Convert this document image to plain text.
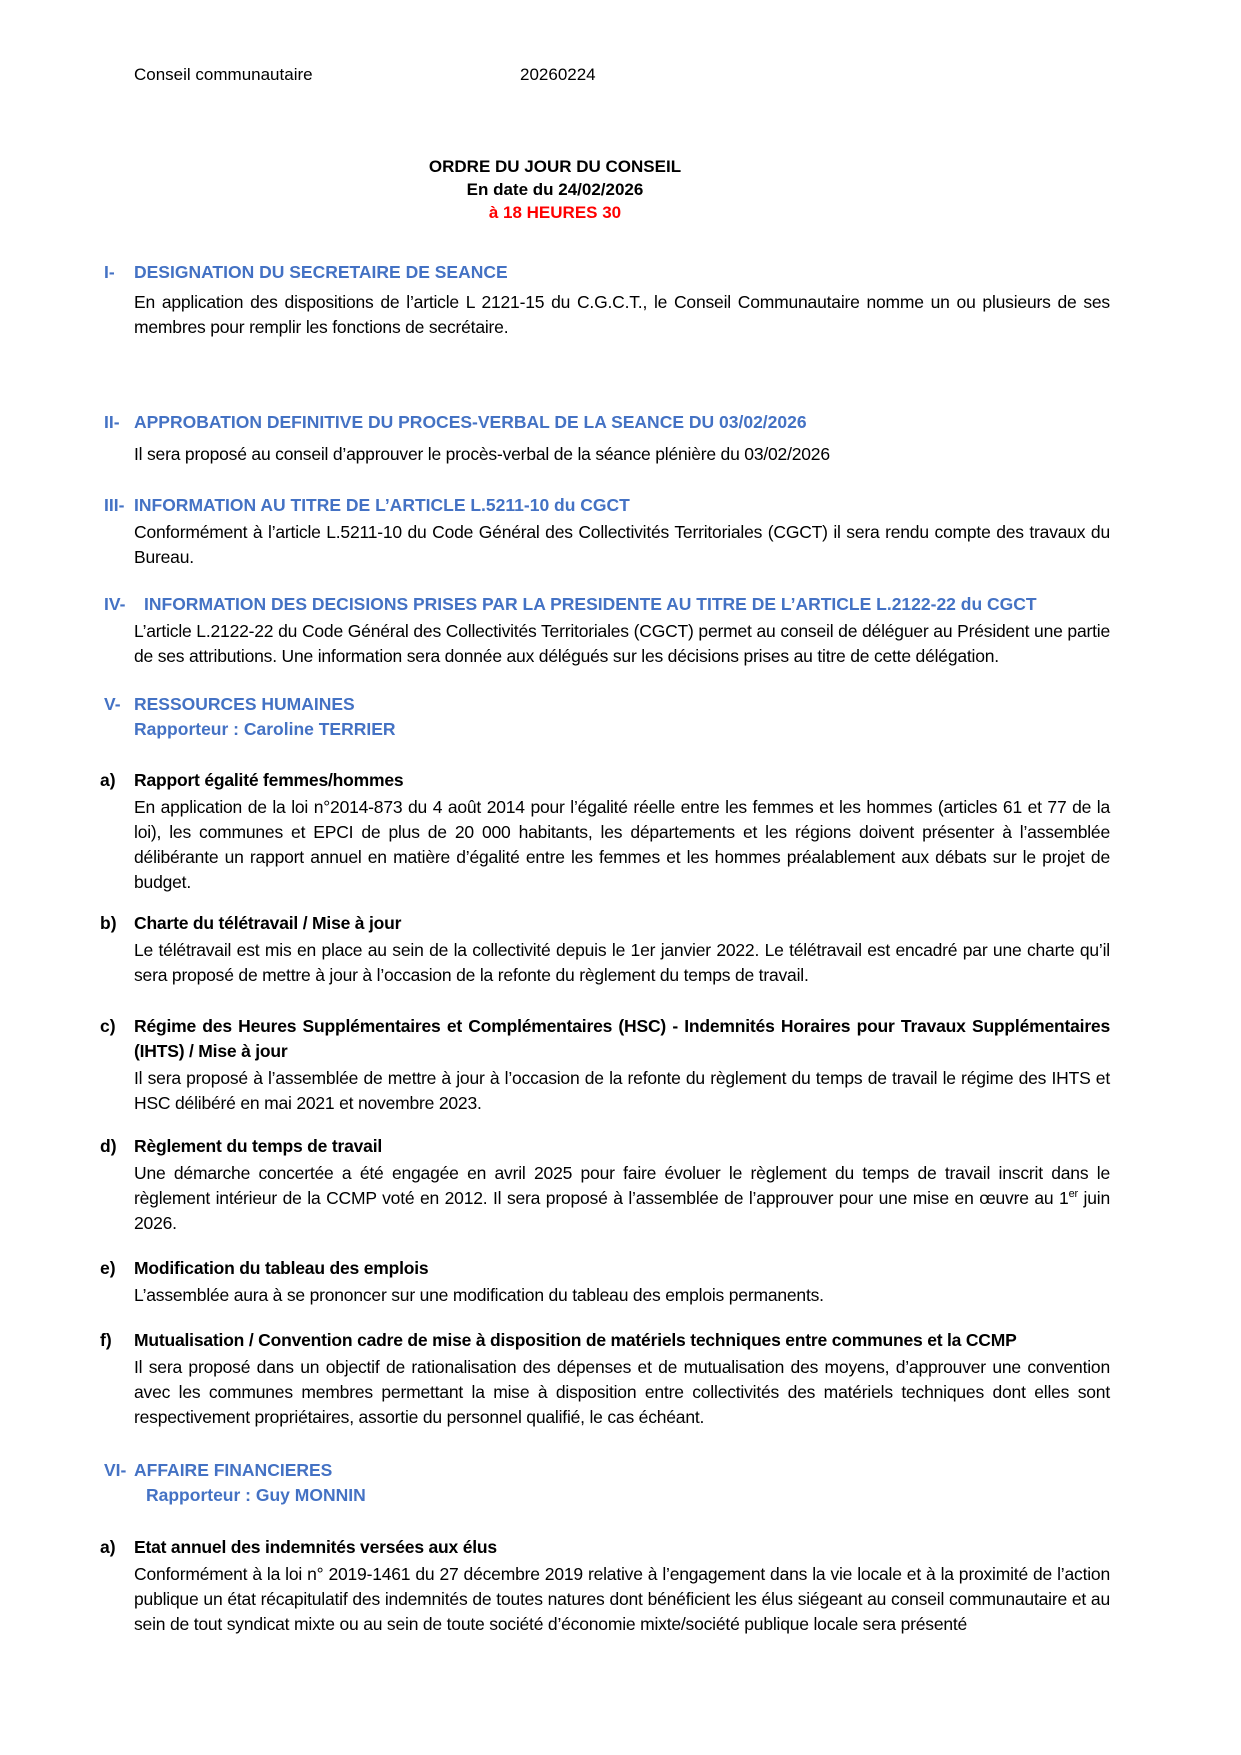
Conseil communautaire	20260224
ORDRE DU JOUR DU CONSEIL
En date du 24/02/2026
à 18 HEURES 30
I- DESIGNATION DU SECRETAIRE DE SEANCE

En application des dispositions de l’article L 2121-15 du C.G.C.T., le Conseil Communautaire nomme un ou plusieurs de ses membres pour remplir les fonctions de secrétaire.

II- APPROBATION DEFINITIVE DU PROCES-VERBAL DE LA SEANCE DU 03/02/2026

Il sera proposé au conseil d’approuver le procès-verbal de la séance plénière du 03/02/2026

III- INFORMATION AU TITRE DE L’ARTICLE L.5211-10 du CGCT

Conformément à l’article L.5211-10 du Code Général des Collectivités Territoriales (CGCT) il sera rendu compte des travaux du Bureau.

IV- INFORMATION DES DECISIONS PRISES PAR LA PRESIDENTE AU TITRE DE L’ARTICLE L.2122-22 du CGCT

L’article L.2122-22 du Code Général des Collectivités Territoriales (CGCT) permet au conseil de déléguer au Président une partie de ses attributions. Une information sera donnée aux délégués sur les décisions prises au titre de cette délégation.

V- RESSOURCES HUMAINES
Rapporteur : Caroline TERRIER
a) Rapport égalité femmes/hommes

En application de la loi n°2014-873 du 4 août 2014 pour l’égalité réelle entre les femmes et les hommes (articles 61 et 77 de la loi), les communes et EPCI de plus de 20 000 habitants, les départements et les régions doivent présenter à l’assemblée délibérante un rapport annuel en matière d’égalité entre les femmes et les hommes préalablement aux débats sur le projet de budget.

b) Charte du télétravail / Mise à jour

Le télétravail est mis en place au sein de la collectivité depuis le 1er janvier 2022. Le télétravail est encadré par une charte qu’il sera proposé de mettre à jour à l’occasion de la refonte du règlement du temps de travail.

c) Régime des Heures Supplémentaires et Complémentaires (HSC) - Indemnités Horaires pour Travaux Supplémentaires (IHTS) / Mise à jour

Il sera proposé à l’assemblée de mettre à jour à l’occasion de la refonte du règlement du temps de travail le régime des IHTS et HSC délibéré en mai 2021 et novembre 2023.

d) Règlement du temps de travail

Une démarche concertée a été engagée en avril 2025 pour faire évoluer le règlement du temps de travail inscrit dans le règlement intérieur de la CCMP voté en 2012. Il sera proposé à l’assemblée de l’approuver pour une mise en œuvre au 1er juin 2026.

e) Modification du tableau des emplois

L’assemblée aura à se prononcer sur une modification du tableau des emplois permanents.

f) Mutualisation / Convention cadre de mise à disposition de matériels techniques entre communes et la CCMP

Il sera proposé dans un objectif de rationalisation des dépenses et de mutualisation des moyens, d’approuver une convention avec les communes membres permettant la mise à disposition entre collectivités des matériels techniques dont elles sont respectivement propriétaires, assortie du personnel qualifié, le cas échéant.

VI- AFFAIRE FINANCIERES
Rapporteur : Guy MONNIN
a) Etat annuel des indemnités versées aux élus

Conformément à la loi n° 2019-1461 du 27 décembre 2019 relative à l’engagement dans la vie locale et à la proximité de l’action publique un état récapitulatif des indemnités de toutes natures dont bénéficient les élus siégeant au conseil communautaire et au sein de tout syndicat mixte ou au sein de toute société d’économie mixte/société publique locale sera présenté
